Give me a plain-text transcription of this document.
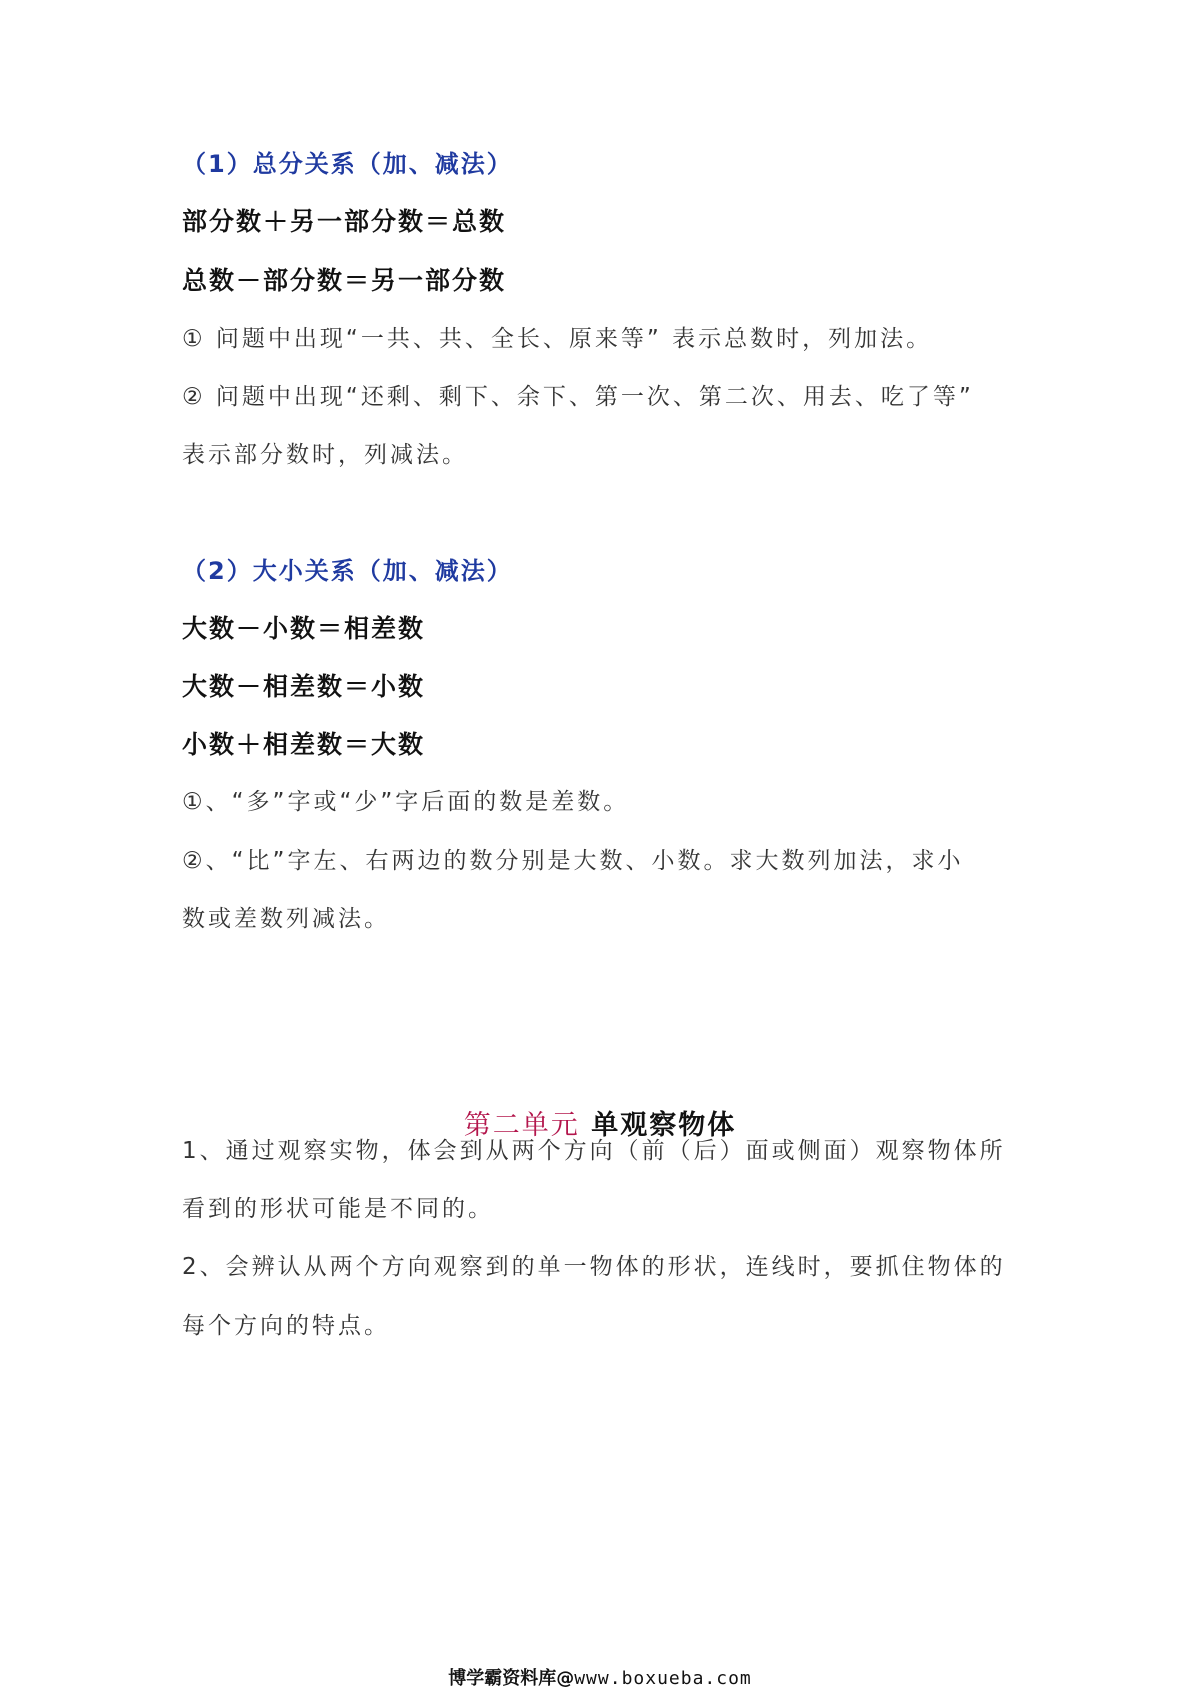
（1）总分关系（加、减法）
部分数＋另一部分数＝总数
总数－部分数＝另一部分数
① 问题中出现“一共、共、全长、原来等” 表示总数时，列加法。
② 问题中出现“还剩、剩下、余下、第一次、第二次、用去、吃了等”
表示部分数时，列减法。
（2）大小关系（加、减法）
大数－小数＝相差数
大数－相差数＝小数
小数＋相差数＝大数
①、“多”字或“少”字后面的数是差数。
②、“比”字左、右两边的数分别是大数、小数。求大数列加法，求小
数或差数列减法。
第二单元 单观察物体
1、通过观察实物，体会到从两个方向（前（后）面或侧面）观察物体所
看到的形状可能是不同的。
2、会辨认从两个方向观察到的单一物体的形状，连线时，要抓住物体的
每个方向的特点。
博学霸资料库@www.boxueba.com
